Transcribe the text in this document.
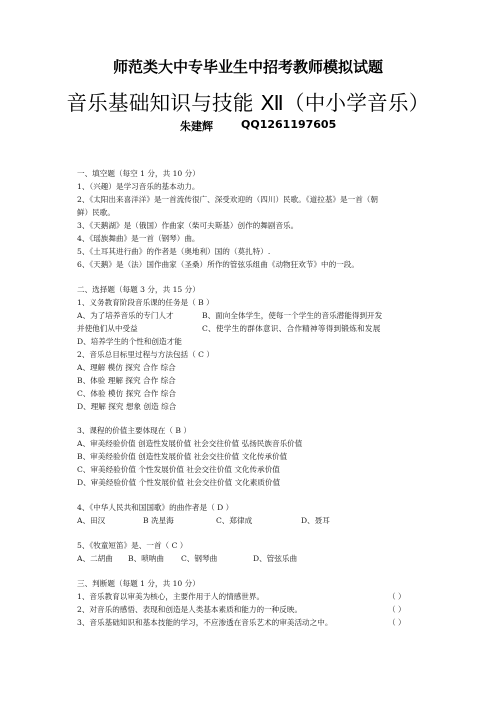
师范类大中专毕业生中招考教师模拟试题
音乐基础知识与技能 Ⅻ（中小学音乐）
朱建辉	QQ1261197605
一、填空题（每空 1 分，共 10 分）
1、（兴趣）是学习音乐的基本动力。
2、《太阳出来喜洋洋》是一首流传很广、深受欢迎的（四川）民歌。《道拉基》是一首（朝
鲜）民歌。
3、《天鹅湖》是（俄国）作曲家（柴可夫斯基）创作的舞剧音乐。
4、《瑶族舞曲》是一首（钢琴）曲。
5、《土耳其进行曲》的作者是（奥地利）国的（莫扎特）.
6、《天鹅》是（法）国作曲家（圣桑）所作的管弦乐组曲《动物狂欢节》中的一段。
二、选择题（每题 3 分，共 15 分）
1、义务教育阶段音乐课的任务是（ B ）
A、为了培养音乐的专门人才	B、面向全体学生，使每一个学生的音乐潜能得到开发
并使他们从中受益	C、使学生的群体意识、合作精神等得到锻炼和发展
D、培养学生的个性和创造才能
2、音乐总目标里过程与方法包括（ C ）
A、理解 模仿 探究 合作 综合
B、体验 理解 探究 合作 综合
C、体验 模仿 探究 合作 综合
D、理解 探究 想象 创造 综合
3、课程的价值主要体现在（ B ）
A、审美经验价值 创造性发展价值 社会交往价值 弘扬民族音乐价值
B、审美经验价值 创造性发展价值 社会交往价值 文化传承价值
C、审美经验价值 个性发展价值 社会交往价值 文化传承价值
D、审美经验价值 个性发展价值 社会交往价值 文化素质价值
4、《中华人民共和国国歌》的曲作者是（ D ）
A、田汉	B 冼星海	C、郑律成	D、聂耳
5、《牧童短笛》是、一首（ C ）
A、二胡曲 B、唢呐曲 C、钢琴曲	D、管弦乐曲
三、判断题（每题 1 分，共 10 分）
1、音乐教育以审美为核心，主要作用于人的情感世界。	（ ）
2、对音乐的感悟、表现和创造是人类基本素质和能力的一种反映。	（ ）
3、音乐基础知识和基本技能的学习，不应渗透在音乐艺术的审美活动之中。	（ ）
